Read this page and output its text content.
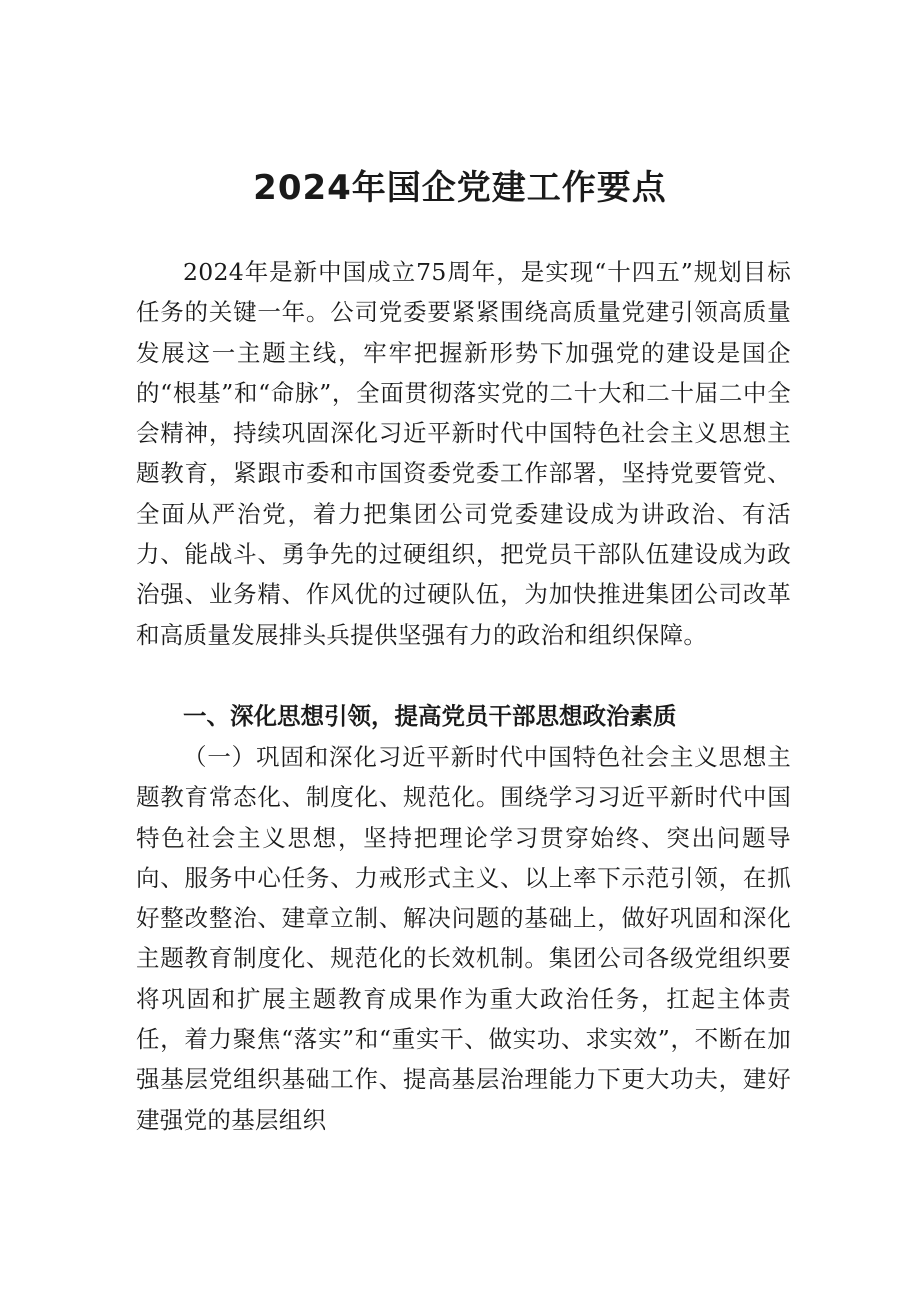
2024年国企党建工作要点

2024年是新中国成立75周年，是实现“十四五”规划目标任务的关键一年。公司党委要紧紧围绕高质量党建引领高质量发展这一主题主线，牢牢把握新形势下加强党的建设是国企的“根基”和“命脉”，全面贯彻落实党的二十大和二十届二中全会精神，持续巩固深化习近平新时代中国特色社会主义思想主题教育，紧跟市委和市国资委党委工作部署，坚持党要管党、全面从严治党，着力把集团公司党委建设成为讲政治、有活力、能战斗、勇争先的过硬组织，把党员干部队伍建设成为政治强、业务精、作风优的过硬队伍，为加快推进集团公司改革和高质量发展排头兵提供坚强有力的政治和组织保障。

一、深化思想引领，提高党员干部思想政治素质

（一）巩固和深化习近平新时代中国特色社会主义思想主题教育常态化、制度化、规范化。围绕学习习近平新时代中国特色社会主义思想，坚持把理论学习贯穿始终、突出问题导向、服务中心任务、力戒形式主义、以上率下示范引领，在抓好整改整治、建章立制、解决问题的基础上，做好巩固和深化主题教育制度化、规范化的长效机制。集团公司各级党组织要将巩固和扩展主题教育成果作为重大政治任务，扛起主体责任，着力聚焦“落实”和“重实干、做实功、求实效”，不断在加强基层党组织基础工作、提高基层治理能力下更大功夫，建好建强党的基层组织
